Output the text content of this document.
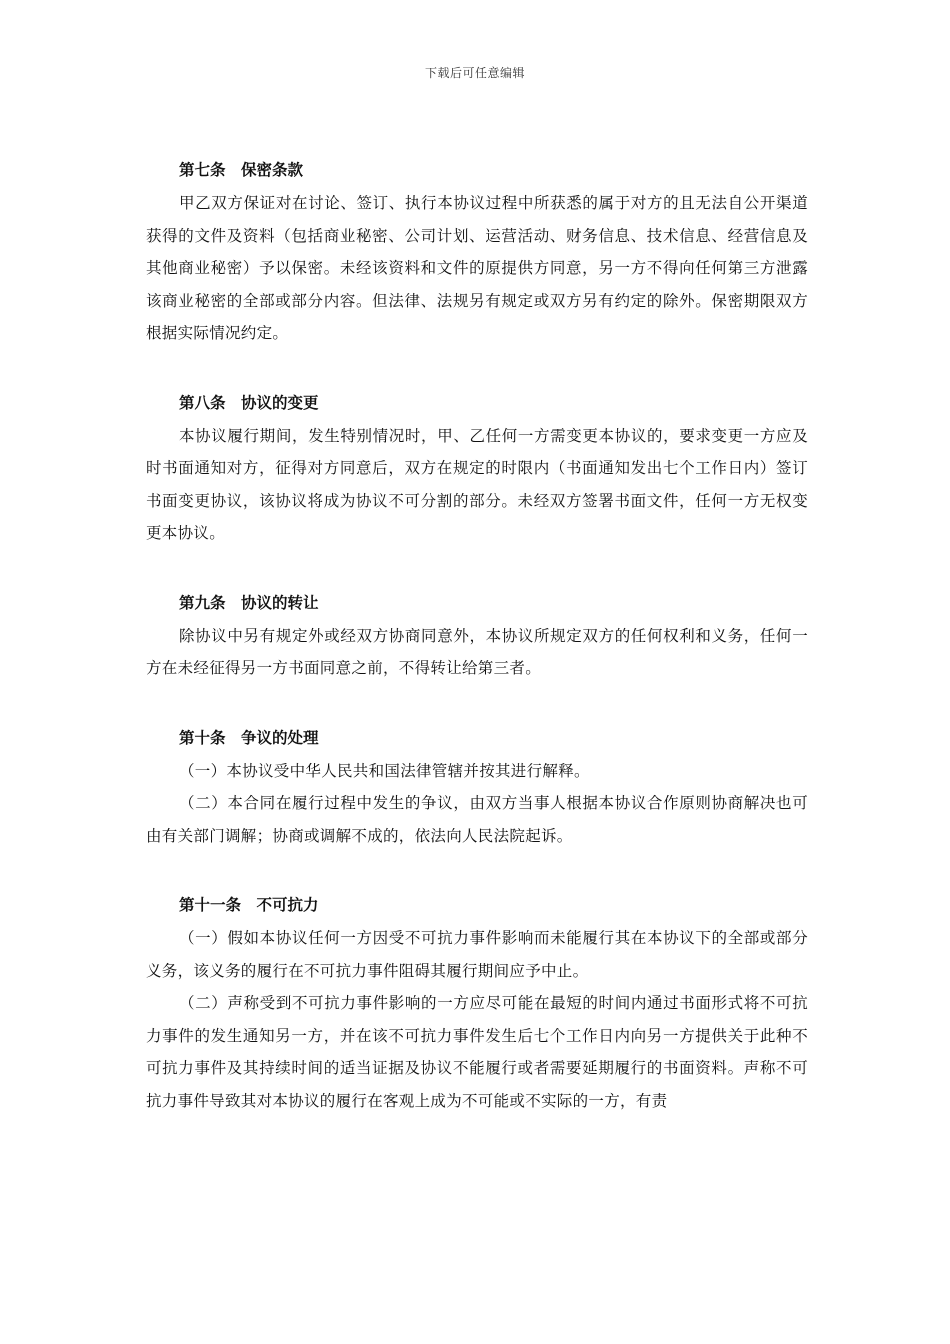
下载后可任意编辑

第七条　保密条款

甲乙双方保证对在讨论、签订、执行本协议过程中所获悉的属于对方的且无法自公开渠道获得的文件及资料（包括商业秘密、公司计划、运营活动、财务信息、技术信息、经营信息及其他商业秘密）予以保密。未经该资料和文件的原提供方同意，另一方不得向任何第三方泄露该商业秘密的全部或部分内容。但法律、法规另有规定或双方另有约定的除外。保密期限双方根据实际情况约定。

第八条　协议的变更

本协议履行期间，发生特别情况时，甲、乙任何一方需变更本协议的，要求变更一方应及时书面通知对方，征得对方同意后，双方在规定的时限内（书面通知发出七个工作日内）签订书面变更协议，该协议将成为协议不可分割的部分。未经双方签署书面文件，任何一方无权变更本协议。

第九条　协议的转让

除协议中另有规定外或经双方协商同意外，本协议所规定双方的任何权利和义务，任何一方在未经征得另一方书面同意之前，不得转让给第三者。

第十条　争议的处理

（一）本协议受中华人民共和国法律管辖并按其进行解释。

（二）本合同在履行过程中发生的争议，由双方当事人根据本协议合作原则协商解决也可由有关部门调解；协商或调解不成的，依法向人民法院起诉。

第十一条　不可抗力

（一）假如本协议任何一方因受不可抗力事件影响而未能履行其在本协议下的全部或部分义务，该义务的履行在不可抗力事件阻碍其履行期间应予中止。

（二）声称受到不可抗力事件影响的一方应尽可能在最短的时间内通过书面形式将不可抗力事件的发生通知另一方，并在该不可抗力事件发生后七个工作日内向另一方提供关于此种不可抗力事件及其持续时间的适当证据及协议不能履行或者需要延期履行的书面资料。声称不可抗力事件导致其对本协议的履行在客观上成为不可能或不实际的一方，有责
